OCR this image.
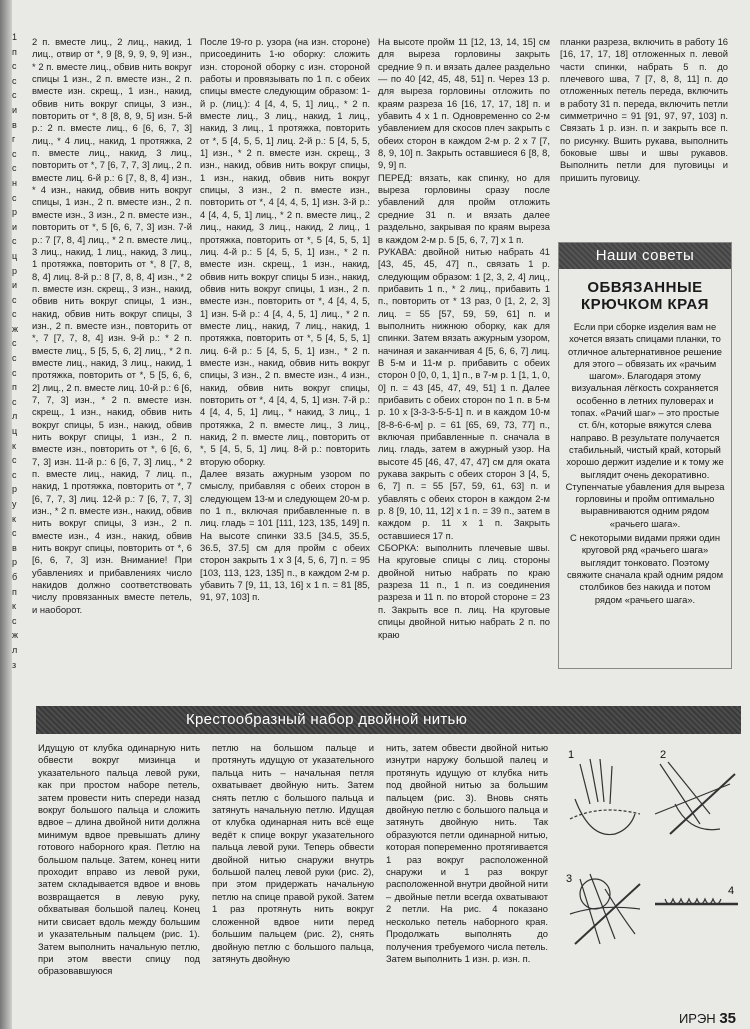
1
п
с
с
с
и
в
г
с
с
н
с
р
и
с
ц
р
и
с
с
ж
с
с
с
п
с
л
ц
к
с
с
р
у
к
с
в
р
б
п
к
с
ж
л
з

2 п. вместе лиц., 2 лиц., накид, 1 лиц., отвир от *, 9 [8, 9, 9, 9, 9] изн., * 2 п. вместе лиц., обвив нить вокруг спицы 1 изн., 2 п. вместе изн., 2 п. вместе изн. скрещ., 1 изн., накид, обвив нить вокруг спицы, 3 изн., повторить от *, 8 [8, 8, 9, 5] изн. 5-й р.: 2 п. вместе лиц., 6 [6, 6, 7, 3] лиц., * 4 лиц., накид, 1 протяжка, 2 п. вместе лиц., накид, 3 лиц., повторить от *, 7 [6, 7, 7, 3] лиц., 2 п. вместе лиц. 6-й р.: 6 [7, 8, 8, 4] изн., * 4 изн., накид, обвив нить вокруг спицы, 1 изн., 2 п. вместе изн., 2 п. вместе изн., 3 изн., 2 п. вместе изн., повторить от *, 5 [6, 6, 7, 3] изн. 7-й р.: 7 [7, 8, 4] лиц., * 2 п. вместе лиц., 3 лиц., накид, 1 лиц., накид, 3 лиц., 1 протяжка, повторить от *, 8 [7, 8, 8, 4] лиц. 8-й р.: 8 [7, 8, 8, 4] изн., * 2 п. вместе изн. скрещ., 3 изн., накид, обвив нить вокруг спицы, 1 изн., накид, обвив нить вокруг спицы, 3 изн., 2 п. вместе изн., повторить от *, 7 [7, 7, 8, 4] изн. 9-й р.: * 2 п. вместе лиц., 5 [5, 5, 6, 2] лиц., * 2 п. вместе лиц., накид, 3 лиц., накид, 1 протяжка, повторить от *, 5 [5, 6, 6, 2] лиц., 2 п. вместе лиц. 10-й р.: 6 [6, 7, 7, 3] изн., * 2 п. вместе изн. скрещ., 1 изн., накид, обвив нить вокруг спицы, 5 изн., накид, обвив нить вокруг спицы, 1 изн., 2 п. вместе изн., повторить от *, 6 [6, 6, 7, 3] изн. 11-й р.: 6 [6, 7, 3] лиц., * 2 п. вместе лиц., накид, 7 лиц. п., накид, 1 протяжка, повторить от *, 7 [6, 7, 7, 3] лиц. 12-й р.: 7 [6, 7, 7, 3] изн., * 2 п. вместе изн., накид, обвив нить вокруг спицы, 3 изн., 2 п. вместе изн., 4 изн., накид, обвив нить вокруг спицы, повторить от *, 6 [6, 6, 7, 3] изн. Внимание! При убавлениях и прибавлениях число накидов должно соответствовать числу провязанных вместе петель, и наоборот.

После 19-го р. узора (на изн. стороне) присоединить 1-ю оборку: сложить изн. стороной оборку с изн. стороной работы и провязывать по 1 п. с обеих спицы вместе следующим образом: 1-й р. (лиц.): 4 [4, 4, 5, 1] лиц., * 2 п. вместе лиц., 3 лиц., накид, 1 лиц., накид, 3 лиц., 1 протяжка, повторить от *, 5 [4, 5, 5, 1] лиц. 2-й р.: 5 [4, 5, 5, 1] изн., * 2 п. вместе изн. скрещ., 3 изн., накид, обвив нить вокруг спицы, 1 изн., накид, обвив нить вокруг спицы, 3 изн., 2 п. вместе изн., повторить от *, 4 [4, 4, 5, 1] изн. 3-й р.: 4 [4, 4, 5, 1] лиц., * 2 п. вместе лиц., 2 лиц., накид, 3 лиц., накид, 2 лиц., 1 протяжка, повторить от *, 5 [4, 5, 5, 1] лиц. 4-й р.: 5 [4, 5, 5, 1] изн., * 2 п. вместе изн. скрещ., 1 изн., накид, обвив нить вокруг спицы 5 изн., накид, обвив нить вокруг спицы, 1 изн., 2 п. вместе изн., повторить от *, 4 [4, 4, 5, 1] изн. 5-й р.: 4 [4, 4, 5, 1] лиц., * 2 п. вместе лиц., накид, 7 лиц., накид, 1 протяжка, повторить от *, 5 [4, 5, 5, 1] лиц. 6-й р.: 5 [4, 5, 5, 1] изн., * 2 п. вместе изн., накид, обвив нить вокруг спицы, 3 изн., 2 п. вместе изн., 4 изн., накид, обвив нить вокруг спицы, повторить от *, 4 [4, 4, 5, 1] изн. 7-й р.: 4 [4, 4, 5, 1] лиц., * накид, 3 лиц., 1 протяжка, 2 п. вместе лиц., 3 лиц., накид, 2 п. вместе лиц., повторить от *, 5 [4, 5, 5, 1] лиц. 8-й р.: повторить вторую оборку.

Далее вязать ажурным узором по смыслу, прибавляя с обеих сторон в следующем 13-м и следующем 20-м р. по 1 п., включая прибавленные п. в лиц. гладь = 101 [111, 123, 135, 149] п. На высоте спинки 33.5 [34.5, 35.5, 36.5, 37.5] см для пройм с обеих сторон закрыть 1 x 3 [4, 5, 6, 7] п. = 95 [103, 113, 123, 135] п., в каждом 2-м р. убавить 7 [9, 11, 13, 16] x 1 п. = 81 [85, 91, 97, 103] п.

На высоте пройм 11 [12, 13, 14, 15] см для выреза горловины закрыть средние 9 п. и вязать далее раздельно — по 40 [42, 45, 48, 51] п. Через 13 р. для выреза горловины отложить по краям разреза 16 [16, 17, 17, 18] п. и убавить 4 x 1 п. Одновременно со 2-м убавлением для скосов плеч закрыть с обеих сторон в каждом 2-м р. 2 x 7 [7, 8, 9, 10] п. Закрыть оставшиеся 6 [8, 8, 9, 9] п.

ПЕРЕД: вязать, как спинку, но для выреза горловины сразу после убавлений для пройм отложить средние 31 п. и вязать далее раздельно, закрывая по краям выреза в каждом 2-м р. 5 [5, 6, 7, 7] x 1 п.

РУКАВА: двойной нитью набрать 41 [43, 45, 45, 47] п., связать 1 р. следующим образом: 1 [2, 3, 2, 4] лиц., прибавить 1 п., * 2 лиц., прибавить 1 п., повторить от * 13 раз, 0 [1, 2, 2, 3] лиц. = 55 [57, 59, 59, 61] п. и выполнить нижнюю оборку, как для спинки. Затем вязать ажурным узором, начиная и заканчивая 4 [5, 6, 6, 7] лиц. В 5-м и 11-м р. прибавить с обеих сторон 0 [0, 0, 1, 1] п., в 7-м р. 1 [1, 1, 0, 0] п. = 43 [45, 47, 49, 51] 1 п. Далее прибавить с обеих сторон по 1 п. в 5-м р. 10 x [3-3-3-5-5-1] п. и в каждом 10-м [8-8-6-6-м] р. = 61 [65, 69, 73, 77] п., включая прибавленные п. сначала в лиц. гладь, затем в ажурный узор. На высоте 45 [46, 47, 47, 47] см для окатa рукава закрыть с обеих сторон 3 [4, 5, 6, 7] п. = 55 [57, 59, 61, 63] п. и убавлять с обеих сторон в каждом 2-м р. 8 [9, 10, 11, 12] x 1 п. = 39 п., затем в каждом р. 11 x 1 п. Закрыть оставшиеся 17 п.

СБОРКА: выполнить плечевые швы. На круговые спицы с лиц. стороны двойной нитью набрать по краю разреза 11 п., 1 п. из соединения разреза и 11 п. по второй стороне = 23 п. Закрыть все п. лиц. На круговые спицы двойной нитью набрать 2 п. по краю

планки разреза, включить в работу 16 [16, 17, 17, 18] отложенных п. левой части спинки, набрать 5 п. до плечевого шва, 7 [7, 8, 8, 11] п. до отложенных петель переда, включить в работу 31 п. переда, включить петли симметрично = 91 [91, 97, 97, 103] п. Связать 1 р. изн. п. и закрыть все п. по рисунку. Вшить рукава, выполнить боковые швы и швы рукавов. Выполнить петли для пуговицы и пришить пуговицу.

Наши советы
ОБВЯЗАННЫЕ КРЮЧКОМ КРАЯ

Если при сборке изделия вам не хочется вязать спицами планки, то отличное альтернативное решение для этого – обвязать их «рачьим шагом». Благодаря этому визуальная лёгкость сохраняется особенно в летних пуловерах и топах. «Рачий шаг» – это простые ст. б/н, которые вяжутся слева направо. В результате получается стабильный, чистый край, который хорошо держит изделие и к тому же выглядит очень декоративно. Ступенчатые убавления для выреза горловины и пройм оптимально выравниваются одним рядом «рачьего шага».

С некоторыми видами пряжи один круговой ряд «рачьего шага» выглядит тонковато. Поэтому свяжите сначала край одним рядом столбиков без накида и потом рядом «рачьего шага».

Крестообразный набор двойной нитью
Идущую от клубка одинарную нить обвести вокруг мизинца и указательного пальца левой руки, как при простом наборе петель, затем провести нить спереди назад вокруг большого пальца и сложить вдвое – длина двойной нити должна минимум вдвое превышать длину готового наборного края. Петлю на большом пальце. Затем, конец нити проходит вправо из левой руки, затем складывается вдвое и вновь возвращается в левую руку, обхватывая большой палец. Конец нити свисает вдоль между большим и указательным пальцем (рис. 1). Затем выполнить начальную петлю, при этом ввести спицу под образовавшуюся
петлю на большом пальце и протянуть идущую от указательного пальца нить – начальная петля охватывает двойную нить. Затем снять петлю с большого пальца и затянуть начальную петлю. Идущая от клубка одинарная нить всё еще ведёт к спице вокруг указательного пальца левой руки. Теперь обвести двойной нитью снаружи внутрь большой палец левой руки (рис. 2), при этом придержать начальную петлю на спице правой рукой. Затем 1 раз протянуть нить вокруг сложенной вдвое нити перед большим пальцем (рис. 2), снять двойную петлю с большого пальца, затянуть двойную
нить, затем обвести двойной нитью изнутри наружу большой палец и протянуть идущую от клубка нить под двойной нитью за большим пальцем (рис. 3). Вновь снять двойную петлю с большого пальца и затянуть двойную нить. Так образуются петли одинарной нитью, которая попеременно протягивается 1 раз вокруг расположенной снаружи и 1 раз вокруг расположенной внутри двойной нити – двойные петли всегда охватывают 2 петли. На рис. 4 показано несколько петель наборного края. Продолжать выполнять до получения требуемого числа петель. Затем выполнить 1 изн. р. изн. п.
1	2
3
4
ИРЭН 35
